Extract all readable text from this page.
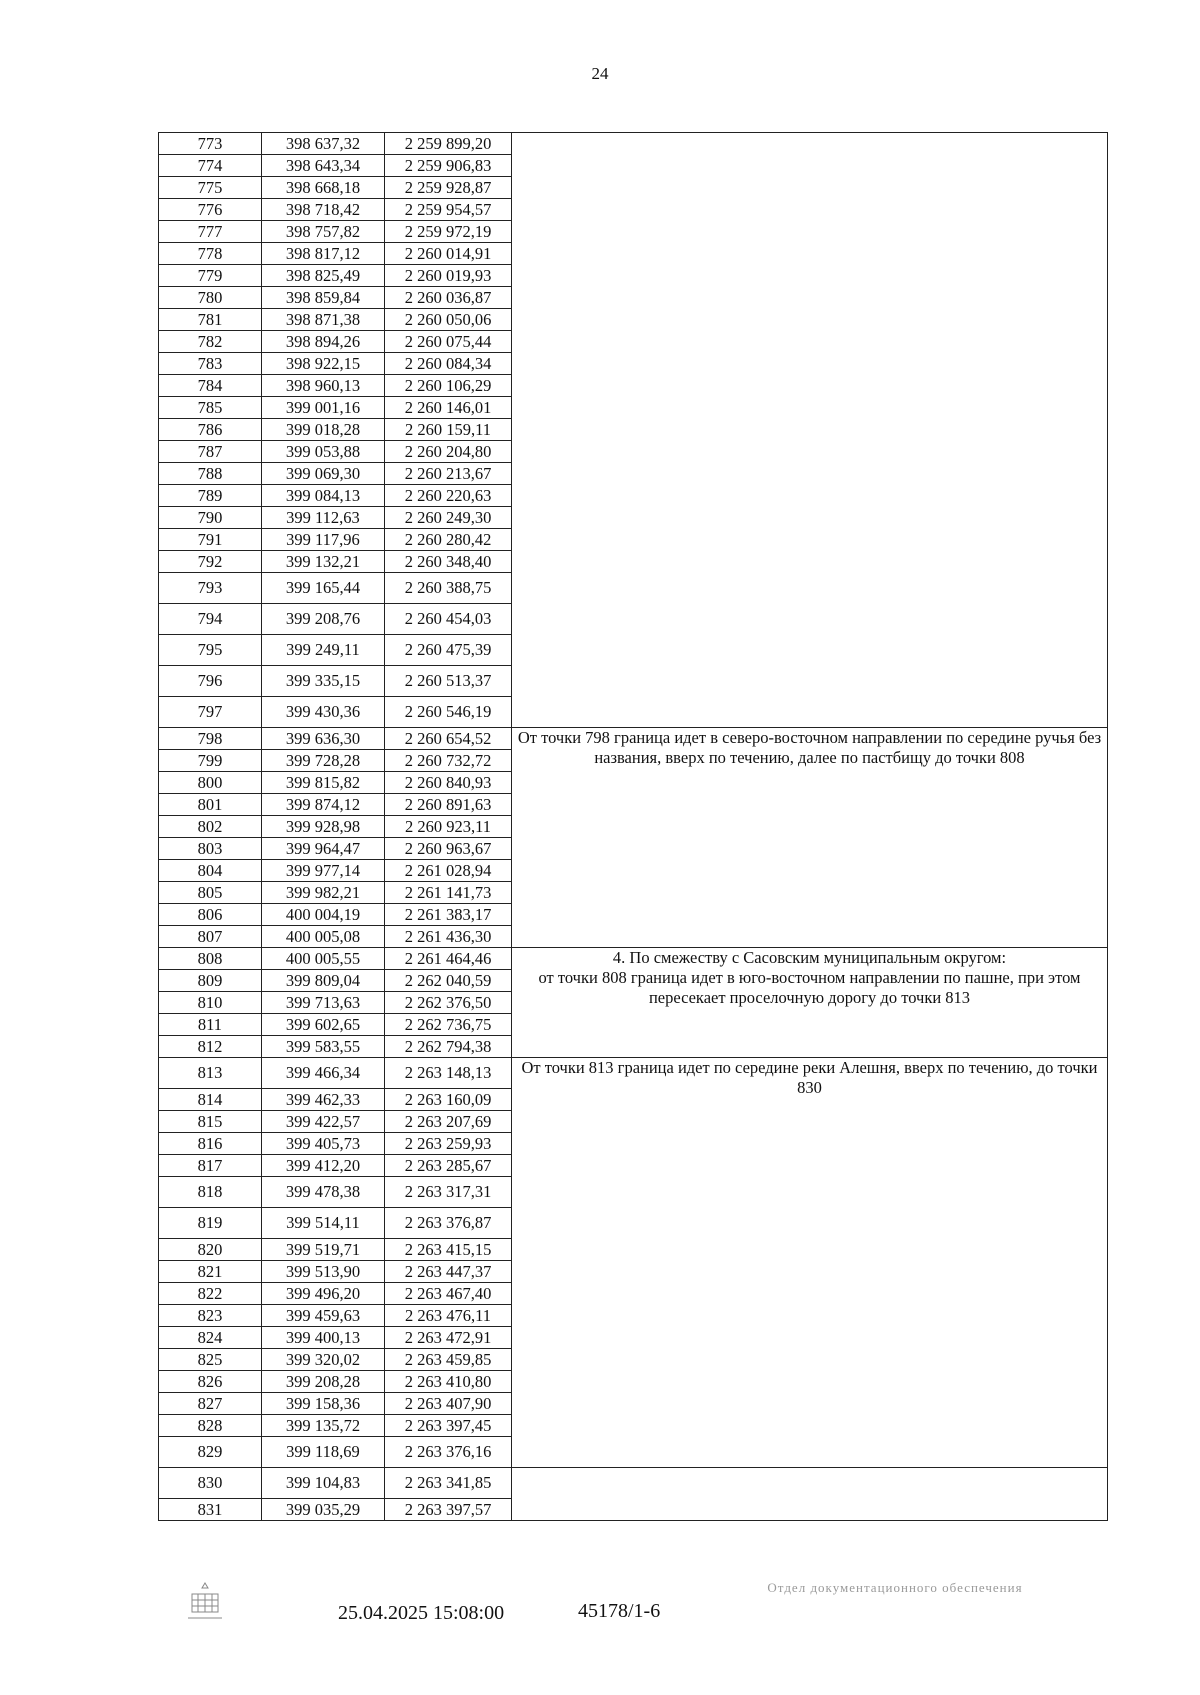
24
773	398 637,32	2 259 899,20	
774	398 643,34	2 259 906,83	
775	398 668,18	2 259 928,87	
776	398 718,42	2 259 954,57	
777	398 757,82	2 259 972,19	
778	398 817,12	2 260 014,91	
779	398 825,49	2 260 019,93	
780	398 859,84	2 260 036,87	
781	398 871,38	2 260 050,06	
782	398 894,26	2 260 075,44	
783	398 922,15	2 260 084,34	
784	398 960,13	2 260 106,29	
785	399 001,16	2 260 146,01	
786	399 018,28	2 260 159,11	
787	399 053,88	2 260 204,80	
788	399 069,30	2 260 213,67	
789	399 084,13	2 260 220,63	
790	399 112,63	2 260 249,30	
791	399 117,96	2 260 280,42	
792	399 132,21	2 260 348,40	
793	399 165,44	2 260 388,75	
794	399 208,76	2 260 454,03	
795	399 249,11	2 260 475,39	
796	399 335,15	2 260 513,37	
797	399 430,36	2 260 546,19	
798	399 636,30	2 260 654,52	От точки 798 граница идет в северо-восточном направлении по середине ручья без названия, вверх по течению, далее по пастбищу до точки 808
799	399 728,28	2 260 732,72	
800	399 815,82	2 260 840,93	
801	399 874,12	2 260 891,63	
802	399 928,98	2 260 923,11	
803	399 964,47	2 260 963,67	
804	399 977,14	2 261 028,94	
805	399 982,21	2 261 141,73	
806	400 004,19	2 261 383,17	
807	400 005,08	2 261 436,30	
808	400 005,55	2 261 464,46	4. По смежеству с Сасовским муниципальным округом:
от точки 808 граница идет в юго-восточном направлении по пашне, при этом пересекает проселочную дорогу до точки 813
809	399 809,04	2 262 040,59	
810	399 713,63	2 262 376,50	
811	399 602,65	2 262 736,75	
812	399 583,55	2 262 794,38	
813	399 466,34	2 263 148,13	От точки 813 граница идет по середине реки Алешня, вверх по течению, до точки 830
814	399 462,33	2 263 160,09	
815	399 422,57	2 263 207,69	
816	399 405,73	2 263 259,93	
817	399 412,20	2 263 285,67	
818	399 478,38	2 263 317,31	
819	399 514,11	2 263 376,87	
820	399 519,71	2 263 415,15	
821	399 513,90	2 263 447,37	
822	399 496,20	2 263 467,40	
823	399 459,63	2 263 476,11	
824	399 400,13	2 263 472,91	
825	399 320,02	2 263 459,85	
826	399 208,28	2 263 410,80	
827	399 158,36	2 263 407,90	
828	399 135,72	2 263 397,45	
829	399 118,69	2 263 376,16	
830	399 104,83	2 263 341,85	
831	399 035,29	2 263 397,57	
25.04.2025 15:08:00	45178/1-6
Отдел документационного обеспечения
